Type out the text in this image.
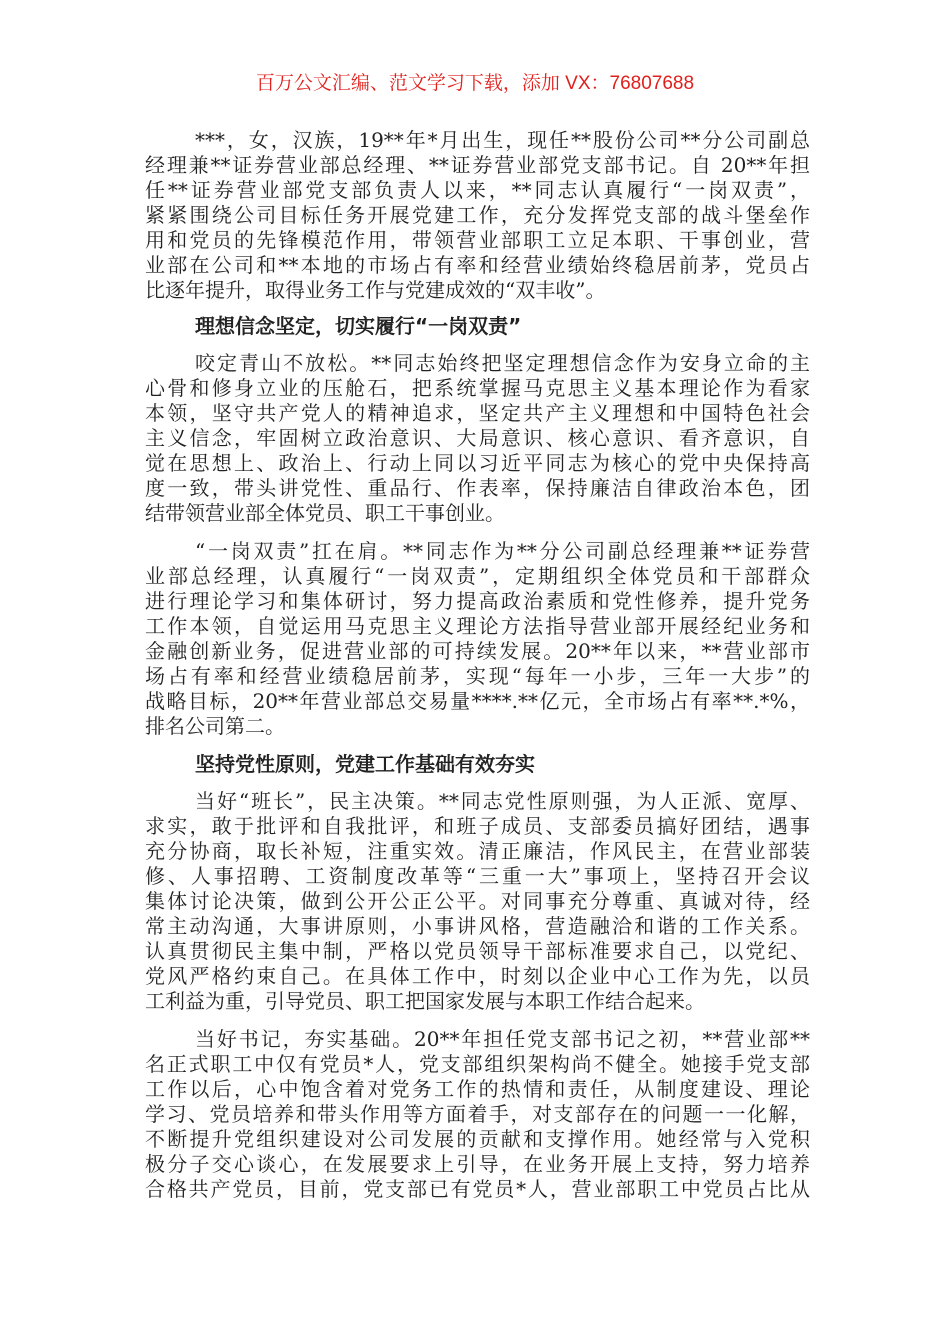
百万公文汇编、范文学习下载，添加 VX：76807688
***，女，汉族，19**年*月出生，现任**股份公司**分公司副总
经理兼**证券营业部总经理、**证券营业部党支部书记。自 20**年担
任**证券营业部党支部负责人以来，**同志认真履行“一岗双责”，
紧紧围绕公司目标任务开展党建工作，充分发挥党支部的战斗堡垒作
用和党员的先锋模范作用，带领营业部职工立足本职、干事创业，营
业部在公司和**本地的市场占有率和经营业绩始终稳居前茅，党员占
比逐年提升，取得业务工作与党建成效的“双丰收”。
理想信念坚定，切实履行“一岗双责”
咬定青山不放松。**同志始终把坚定理想信念作为安身立命的主
心骨和修身立业的压舱石，把系统掌握马克思主义基本理论作为看家
本领，坚守共产党人的精神追求，坚定共产主义理想和中国特色社会
主义信念，牢固树立政治意识、大局意识、核心意识、看齐意识，自
觉在思想上、政治上、行动上同以习近平同志为核心的党中央保持高
度一致，带头讲党性、重品行、作表率，保持廉洁自律政治本色，团
结带领营业部全体党员、职工干事创业。
“一岗双责”扛在肩。**同志作为**分公司副总经理兼**证券营
业部总经理，认真履行“一岗双责”，定期组织全体党员和干部群众
进行理论学习和集体研讨，努力提高政治素质和党性修养，提升党务
工作本领，自觉运用马克思主义理论方法指导营业部开展经纪业务和
金融创新业务，促进营业部的可持续发展。20**年以来，**营业部市
场占有率和经营业绩稳居前茅，实现“每年一小步，三年一大步”的
战略目标，20**年营业部总交易量****.**亿元，全市场占有率**.*%，
排名公司第二。
坚持党性原则，党建工作基础有效夯实
当好“班长”，民主决策。**同志党性原则强，为人正派、宽厚、
求实，敢于批评和自我批评，和班子成员、支部委员搞好团结，遇事
充分协商，取长补短，注重实效。清正廉洁，作风民主，在营业部装
修、人事招聘、工资制度改革等“三重一大”事项上，坚持召开会议
集体讨论决策，做到公开公正公平。对同事充分尊重、真诚对待，经
常主动沟通，大事讲原则，小事讲风格，营造融洽和谐的工作关系。
认真贯彻民主集中制，严格以党员领导干部标准要求自己，以党纪、
党风严格约束自己。在具体工作中，时刻以企业中心工作为先，以员
工利益为重，引导党员、职工把国家发展与本职工作结合起来。
当好书记，夯实基础。20**年担任党支部书记之初，**营业部**
名正式职工中仅有党员*人，党支部组织架构尚不健全。她接手党支部
工作以后，心中饱含着对党务工作的热情和责任，从制度建设、理论
学习、党员培养和带头作用等方面着手，对支部存在的问题一一化解，
不断提升党组织建设对公司发展的贡献和支撑作用。她经常与入党积
极分子交心谈心，在发展要求上引导，在业务开展上支持，努力培养
合格共产党员，目前，党支部已有党员*人，营业部职工中党员占比从
